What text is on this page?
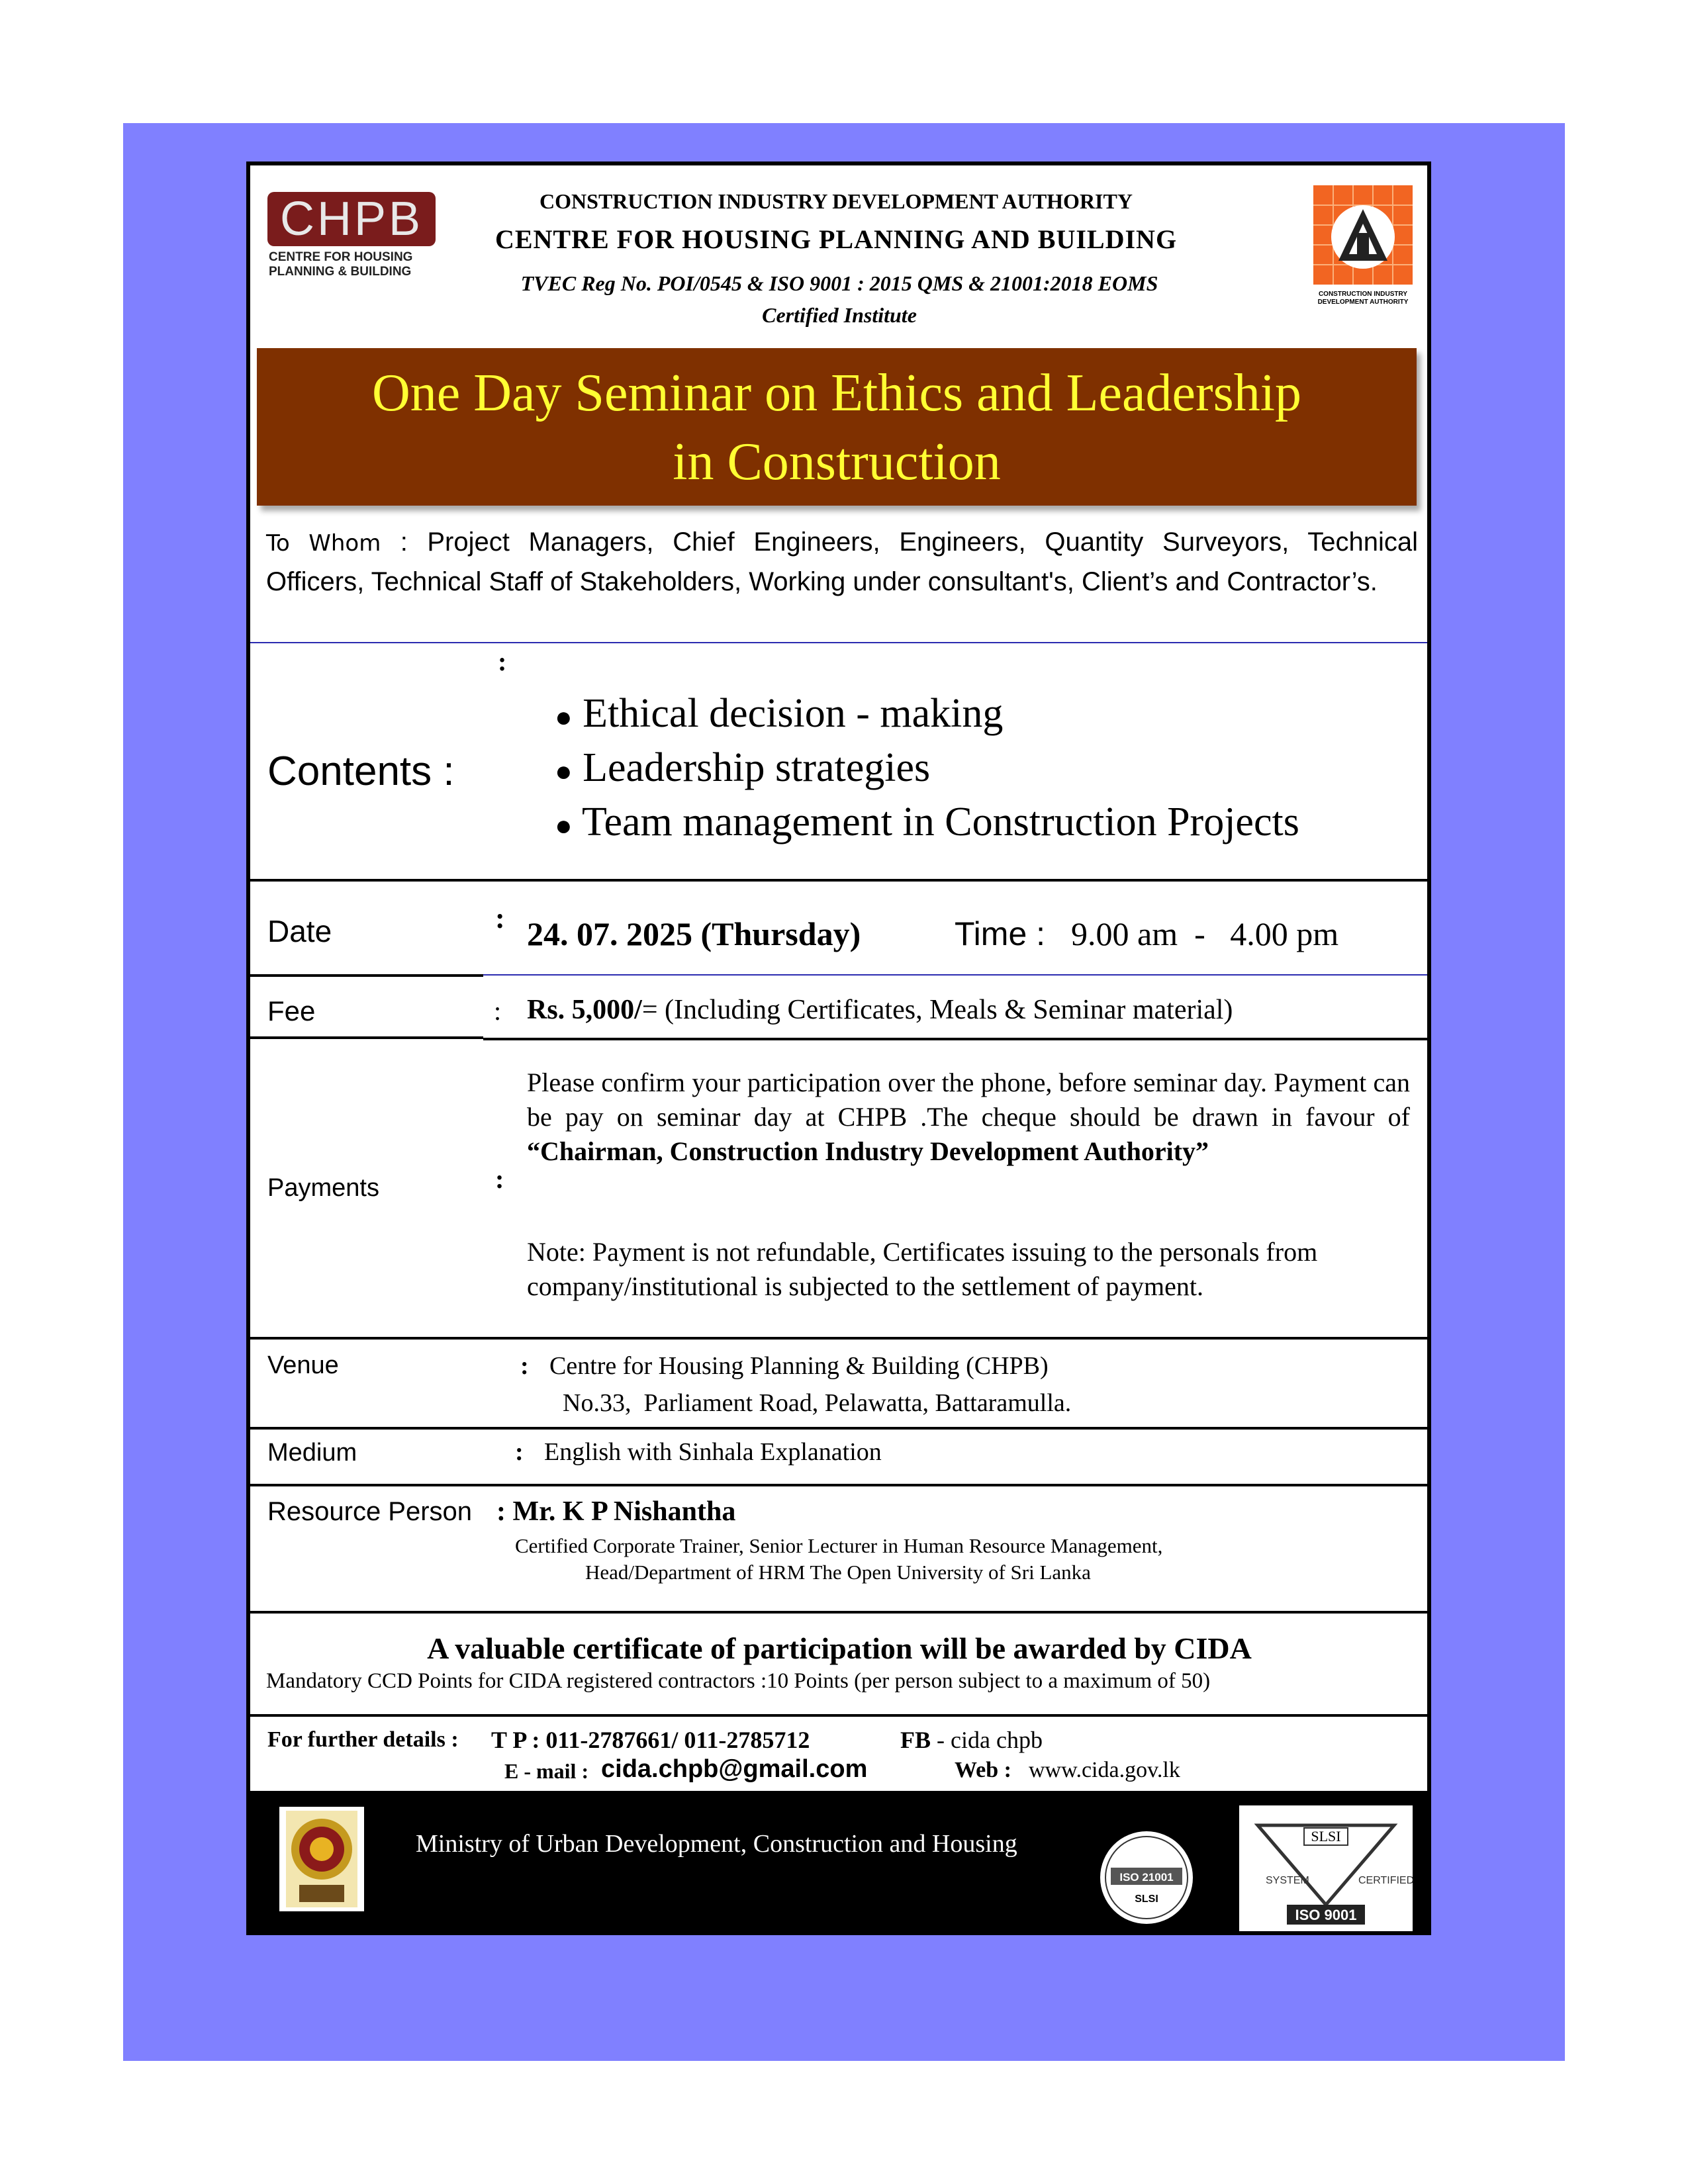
CHPB
CENTRE FOR HOUSING
PLANNING & BUILDING
CONSTRUCTION INDUSTRY DEVELOPMENT AUTHORITY
CENTRE FOR HOUSING PLANNING AND BUILDING
TVEC Reg No. POI/0545 & ISO 9001 : 2015 QMS & 21001:2018 EOMS
Certified Institute
CONSTRUCTION INDUSTRY
DEVELOPMENT AUTHORITY
One Day Seminar on Ethics and Leadership
in Construction
To Whom : Project Managers, Chief Engineers, Engineers, Quantity Surveyors, Technical Officers, Technical Staff of Stakeholders, Working under consultant's, Client’s and Contractor’s.
:
Contents :
● Ethical decision - making
● Leadership strategies
● Team management in Construction Projects
Date	: 24. 07. 2025 (Thursday)	Time : 9.00 am  -   4.00 pm
Fee	: Rs. 5,000/= (Including Certificates, Meals & Seminar material)
Payments	:
Please confirm your participation over the phone, before seminar day. Payment can be pay on seminar day at CHPB .The cheque should be drawn in favour of “Chairman, Construction Industry Development Authority”
Note: Payment is not refundable, Certificates issuing to the personals from company/institutional is subjected to the settlement of payment.
Venue	: Centre for Housing Planning & Building (CHPB)
No.33,  Parliament Road, Pelawatta, Battaramulla.
Medium	: English with Sinhala Explanation
Resource Person : Mr. K P Nishantha
Certified Corporate Trainer, Senior Lecturer in Human Resource Management,
Head/Department of HRM The Open University of Sri Lanka
A valuable certificate of participation will be awarded by CIDA
Mandatory CCD Points for CIDA registered contractors :10 Points (per person subject to a maximum of 50)
For further details : T P : 011-2787661/ 011-2785712	FB - cida chpb
E - mail : cida.chpb@gmail.com	Web : www.cida.gov.lk
Ministry of Urban Development, Construction and Housing
ISO 21001
SLSI
SLSI
SYSTEM	CERTIFIED
ISO 9001
